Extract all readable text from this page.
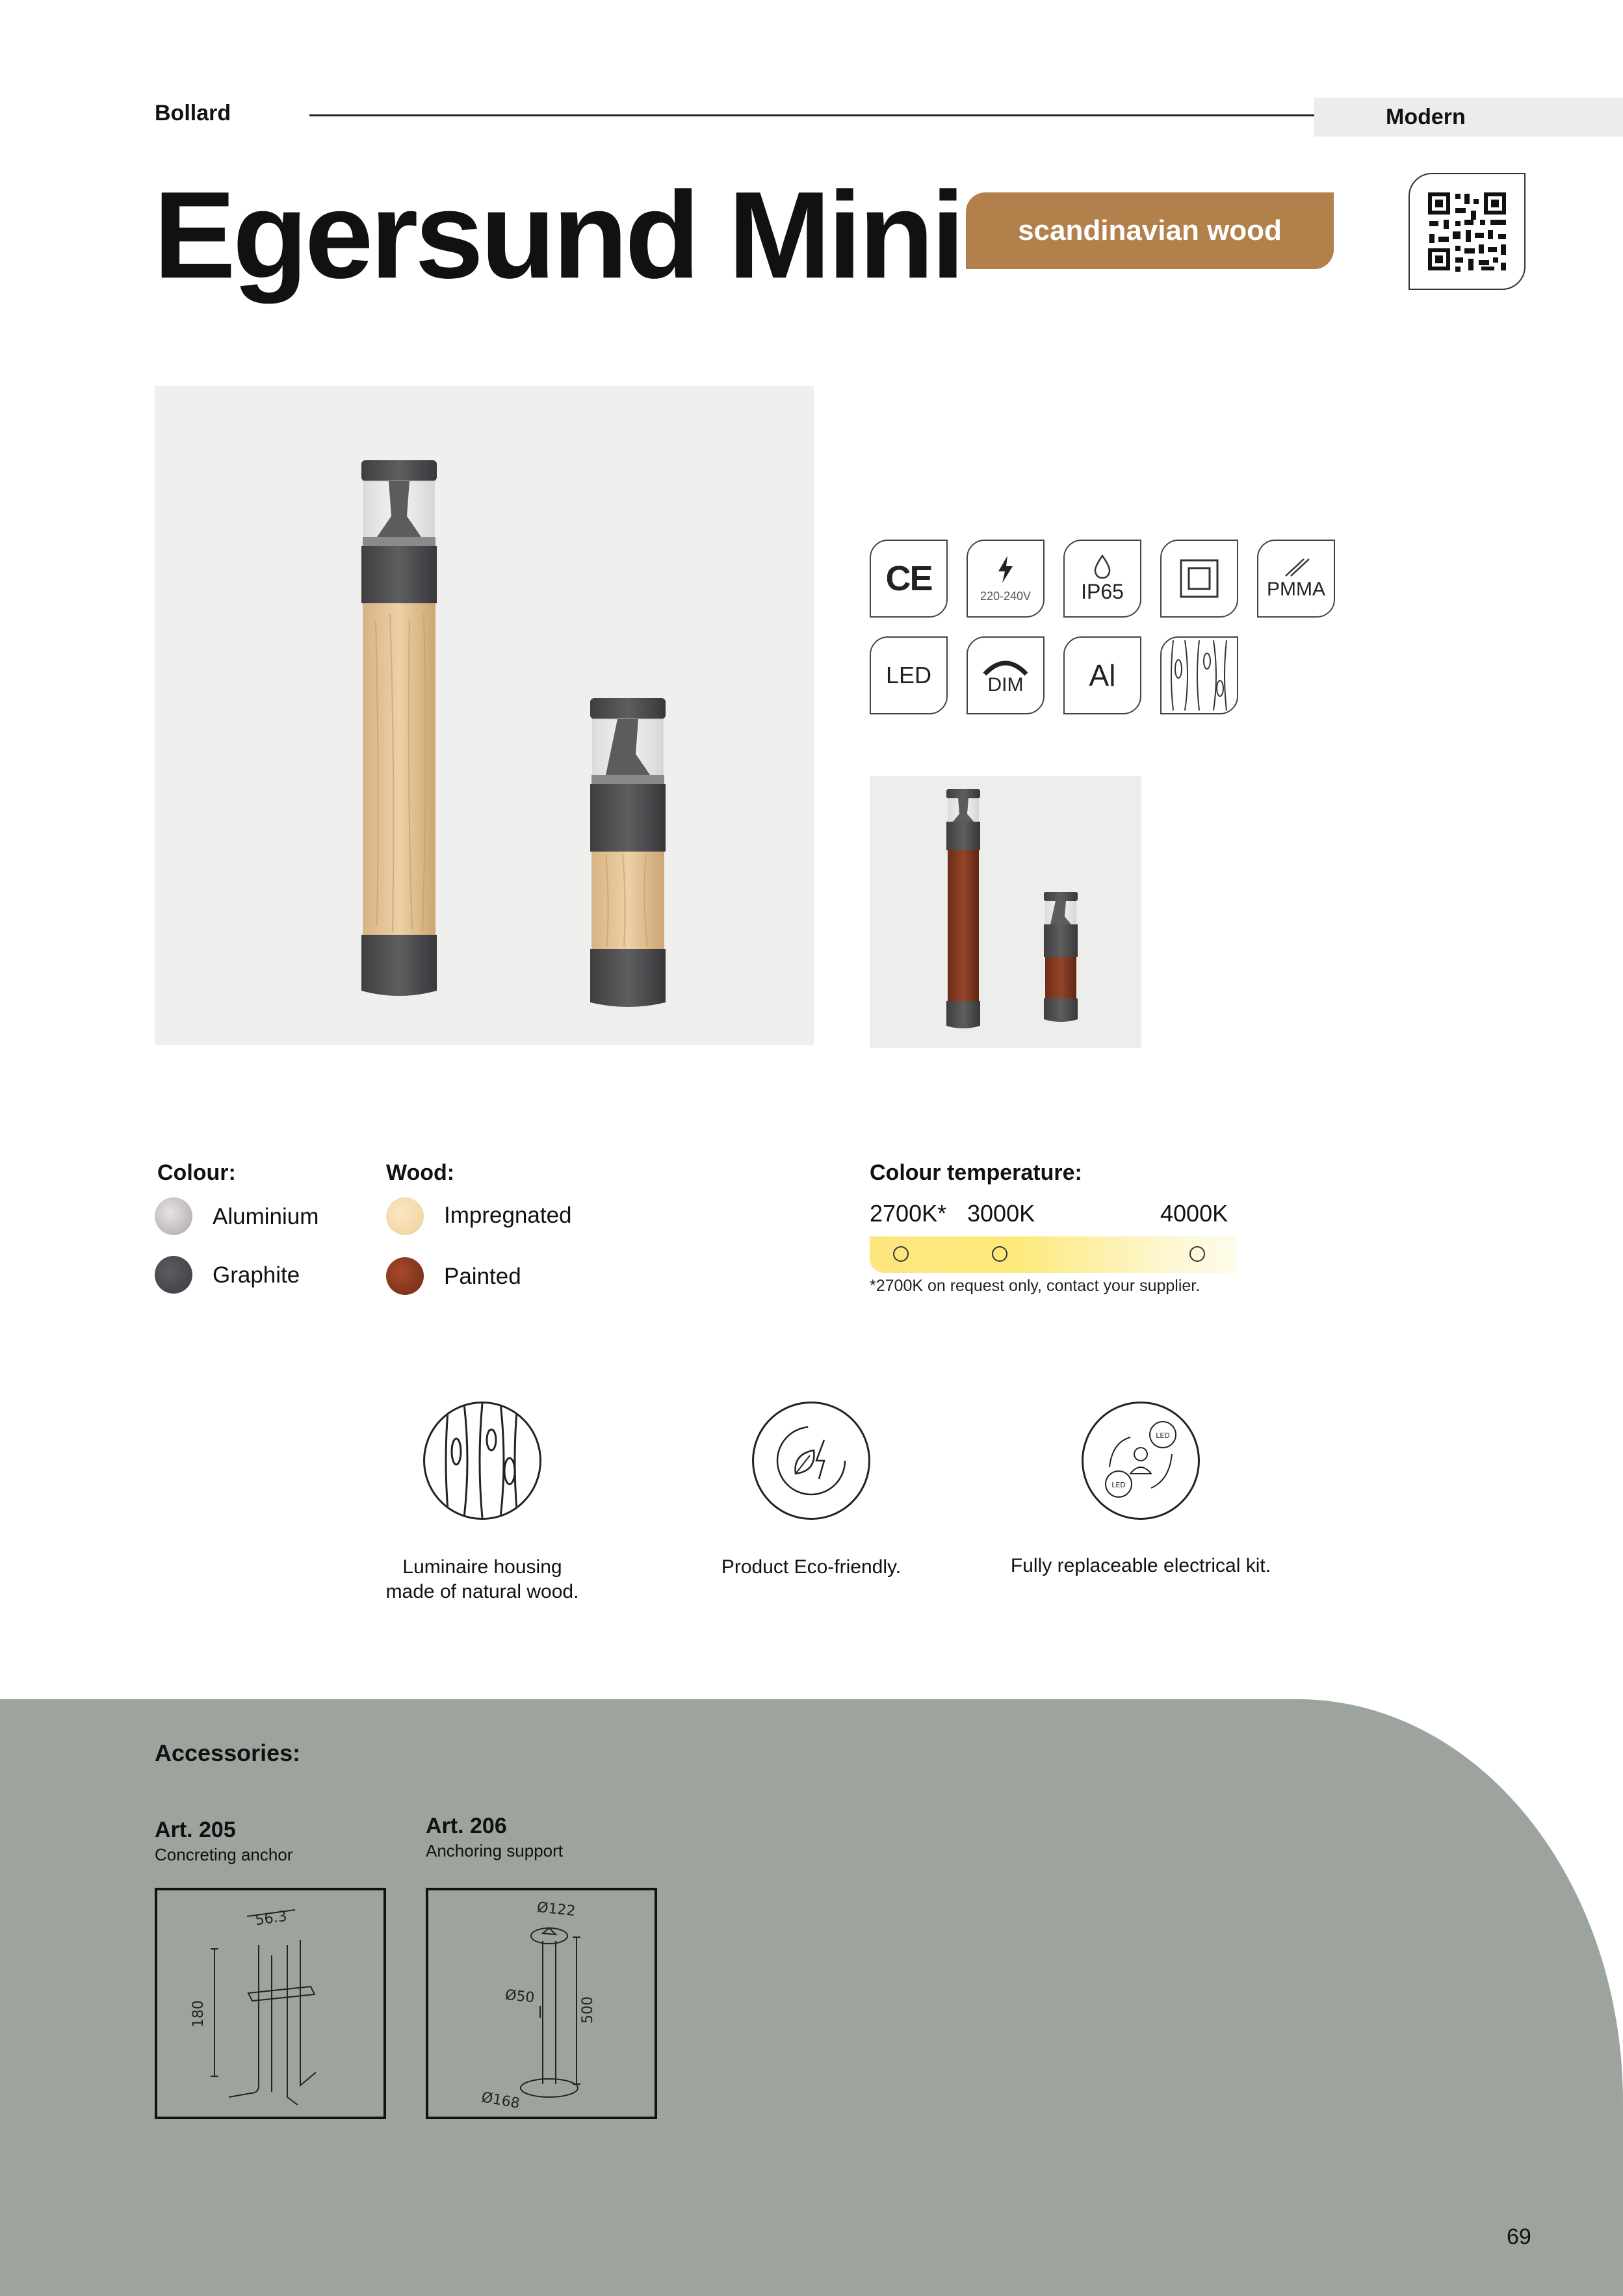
Bollard	Modern
Egersund Mini	scandinavian wood
CE	220-240V IP65	PMMA
LED	DIM Al
Colour:
Aluminium
Graphite
Wood:
Impregnated
Painted
Colour temperature:
2700K* 3000K	4000K
*2700K on request only, contact your supplier.
Luminaire housing
made of natural wood.
Product Eco-friendly.
LED
LED
Fully replaceable electrical kit.
Accessories:
Art. 205
Concreting anchor
56.3
180
Art. 206
Anchoring support
Ø122
Ø50	500
Ø168
69
